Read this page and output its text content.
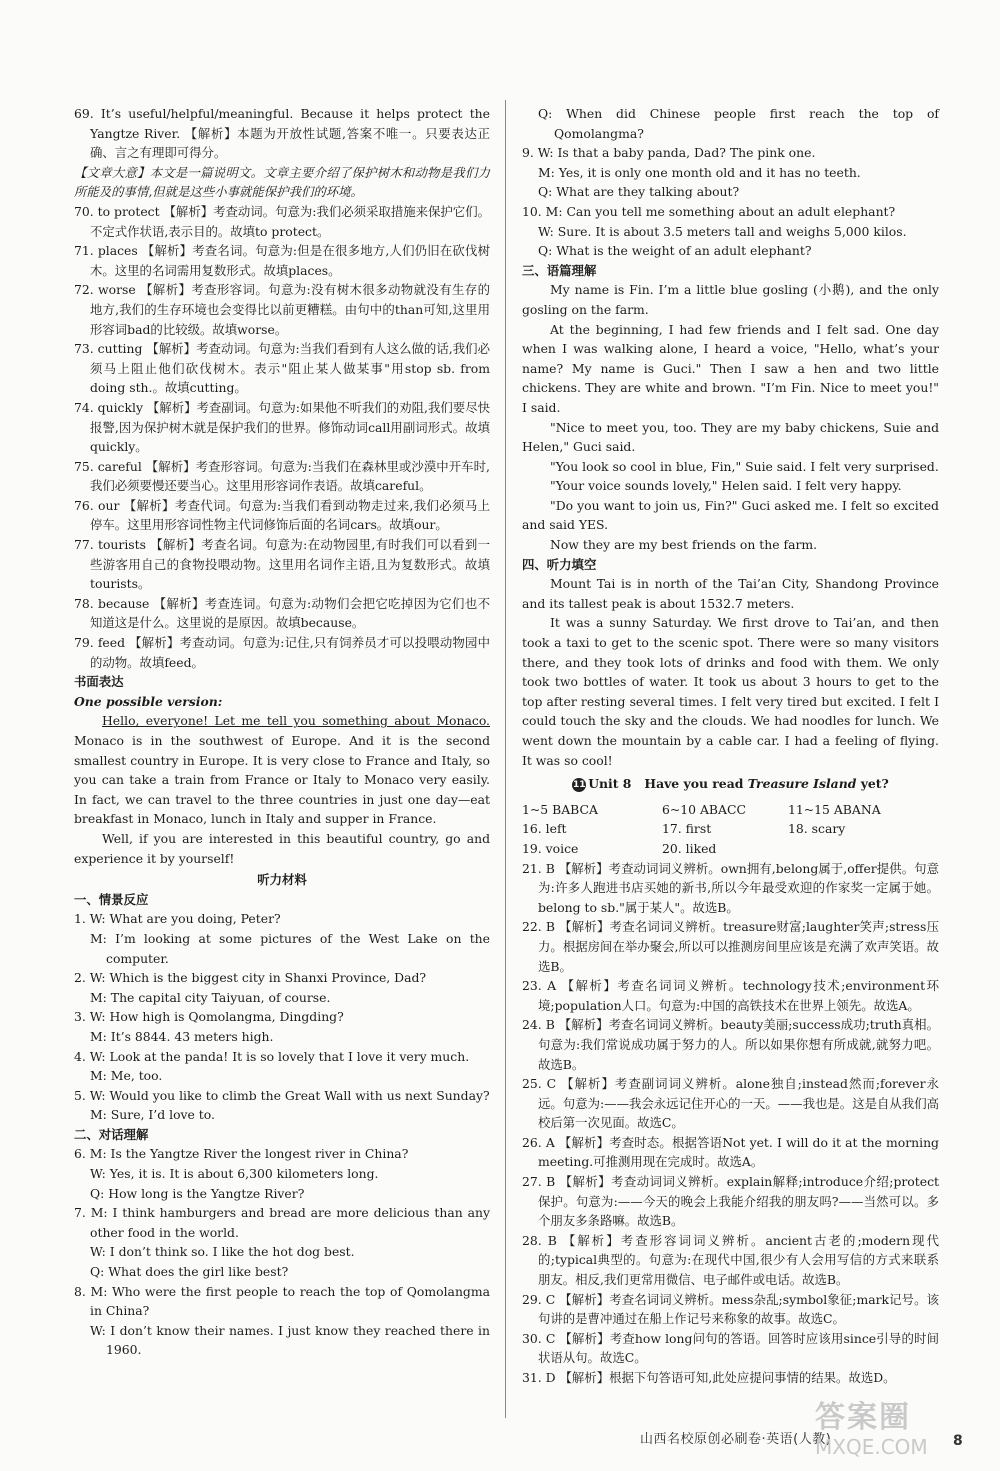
69. It’s useful/helpful/meaningful. Because it helps protect the Yangtze River. 【解析】本题为开放性试题,答案不唯一。只要表达正确、言之有理即可得分。

【文章大意】本文是一篇说明文。文章主要介绍了保护树木和动物是我们力所能及的事情,但就是这些小事就能保护我们的环境。

70. to protect 【解析】考查动词。句意为:我们必须采取措施来保护它们。不定式作状语,表示目的。故填to protect。

71. places 【解析】考查名词。句意为:但是在很多地方,人们仍旧在砍伐树木。这里的名词需用复数形式。故填places。

72. worse 【解析】考查形容词。句意为:没有树木很多动物就没有生存的地方,我们的生存环境也会变得比以前更糟糕。由句中的than可知,这里用形容词bad的比较级。故填worse。

73. cutting 【解析】考查动词。句意为:当我们看到有人这么做的话,我们必须马上阻止他们砍伐树木。表示"阻止某人做某事"用stop sb. from doing sth.。故填cutting。

74. quickly 【解析】考查副词。句意为:如果他不听我们的劝阻,我们要尽快报警,因为保护树木就是保护我们的世界。修饰动词call用副词形式。故填quickly。

75. careful 【解析】考查形容词。句意为:当我们在森林里或沙漠中开车时,我们必须要慢还要当心。这里用形容词作表语。故填careful。

76. our 【解析】考查代词。句意为:当我们看到动物走过来,我们必须马上停车。这里用形容词性物主代词修饰后面的名词cars。故填our。

77. tourists 【解析】考查名词。句意为:在动物园里,有时我们可以看到一些游客用自己的食物投喂动物。这里用名词作主语,且为复数形式。故填tourists。

78. because 【解析】考查连词。句意为:动物们会把它吃掉因为它们也不知道这是什么。这里说的是原因。故填because。

79. feed 【解析】考查动词。句意为:记住,只有饲养员才可以投喂动物园中的动物。故填feed。

书面表达

One possible version:

Hello, everyone! Let me tell you something about Monaco. Monaco is in the southwest of Europe. And it is the second smallest country in Europe. It is very close to France and Italy, so you can take a train from France or Italy to Monaco very easily. In fact, we can travel to the three countries in just one day—eat breakfast in Monaco, lunch in Italy and supper in France.

Well, if you are interested in this beautiful country, go and experience it by yourself!

听力材料

一、情景反应

1. W: What are you doing, Peter?

M: I’m looking at some pictures of the West Lake on the computer.

2. W: Which is the biggest city in Shanxi Province, Dad?

M: The capital city Taiyuan, of course.

3. W: How high is Qomolangma, Dingding?

M: It’s 8844. 43 meters high.

4. W: Look at the panda! It is so lovely that I love it very much.

M: Me, too.

5. W: Would you like to climb the Great Wall with us next Sunday?

M: Sure, I’d love to.

二、对话理解

6. M: Is the Yangtze River the longest river in China?

W: Yes, it is. It is about 6,300 kilometers long.

Q: How long is the Yangtze River?

7. M: I think hamburgers and bread are more delicious than any other food in the world.

W: I don’t think so. I like the hot dog best.

Q: What does the girl like best?

8. M: Who were the first people to reach the top of Qomolangma in China?

W: I don’t know their names. I just know they reached there in 1960.

Q: When did Chinese people first reach the top of Qomolangma?

9. W: Is that a baby panda, Dad? The pink one.

M: Yes, it is only one month old and it has no teeth.

Q: What are they talking about?

10. M: Can you tell me something about an adult elephant?

W: Sure. It is about 3.5 meters tall and weighs 5,000 kilos.

Q: What is the weight of an adult elephant?

三、语篇理解

My name is Fin. I’m a little blue gosling (小鹅), and the only gosling on the farm.

At the beginning, I had few friends and I felt sad. One day when I was walking alone, I heard a voice, "Hello, what’s your name? My name is Guci." Then I saw a hen and two little chickens. They are white and brown. "I’m Fin. Nice to meet you!" I said.

"Nice to meet you, too. They are my baby chickens, Suie and Helen," Guci said.

"You look so cool in blue, Fin," Suie said. I felt very surprised.

"Your voice sounds lovely," Helen said. I felt very happy.

"Do you want to join us, Fin?" Guci asked me. I felt so excited and said YES.

Now they are my best friends on the farm.

四、听力填空

Mount Tai is in north of the Tai’an City, Shandong Province and its tallest peak is about 1532.7 meters.

It was a sunny Saturday. We first drove to Tai’an, and then took a taxi to get to the scenic spot. There were so many visitors there, and they took lots of drinks and food with them. We only took two bottles of water. It took us about 3 hours to get to the top after resting several times. I felt very tired but excited. I felt I could touch the sky and the clouds. We had noodles for lunch. We went down the mountain by a cable car. I had a feeling of flying. It was so cool!

11 Unit 8 Have you read Treasure Island yet?

1~5 BABCA	6~10 ABACC	11~15 ABANA
16. left	17. first	18. scary
19. voice	20. liked

21. B 【解析】考查动词词义辨析。own拥有,belong属于,offer提供。句意为:许多人跑进书店买她的新书,所以今年最受欢迎的作家奖一定属于她。belong to sb."属于某人"。故选B。

22. B 【解析】考查名词词义辨析。treasure财富;laughter笑声;stress压力。根据房间在举办聚会,所以可以推测房间里应该是充满了欢声笑语。故选B。

23. A 【解析】考查名词词义辨析。technology技术;environment环境;population人口。句意为:中国的高铁技术在世界上领先。故选A。

24. B 【解析】考查名词词义辨析。beauty美丽;success成功;truth真相。句意为:我们常说成功属于努力的人。所以如果你想有所成就,就努力吧。故选B。

25. C 【解析】考查副词词义辨析。alone独自;instead然而;forever永远。句意为:——我会永远记住开心的一天。——我也是。这是自从我们高校后第一次见面。故选C。

26. A 【解析】考查时态。根据答语Not yet. I will do it at the morning meeting.可推测用现在完成时。故选A。

27. B 【解析】考查动词词义辨析。explain解释;introduce介绍;protect保护。句意为:——今天的晚会上我能介绍我的朋友吗?——当然可以。多个朋友多条路嘛。故选B。

28. B 【解析】考查形容词词义辨析。ancient古老的;modern现代的;typical典型的。句意为:在现代中国,很少有人会用写信的方式来联系朋友。相反,我们更常用微信、电子邮件或电话。故选B。

29. C 【解析】考查名词词义辨析。mess杂乱;symbol象征;mark记号。该句讲的是曹冲通过在船上作记号来称象的故事。故选C。

30. C 【解析】考查how long问句的答语。回答时应该用since引导的时间状语从句。故选C。

31. D 【解析】根据下句答语可知,此处应提问事情的结果。故选D。

山西名校原创必刷卷·英语(人教)
答案圈
MXQE.COM	8
